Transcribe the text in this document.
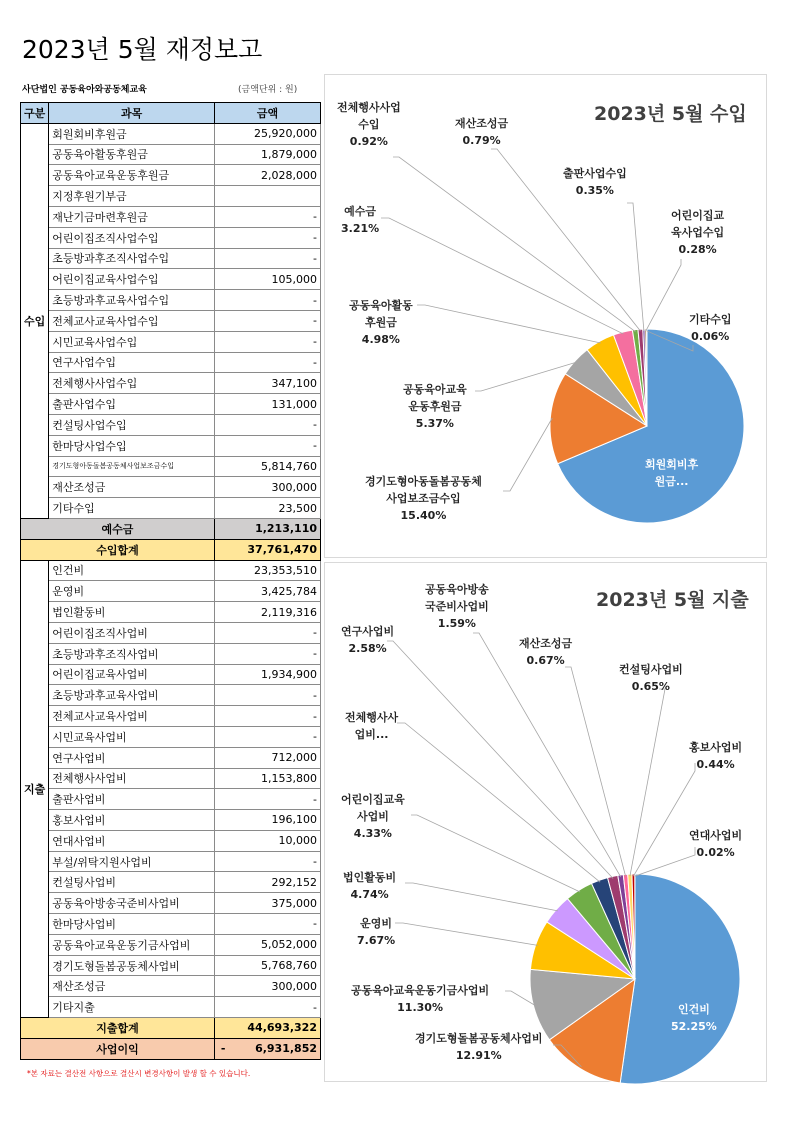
2023년 5월 재정보고
사단법인 공동육아와공동체교육	(금액단위 : 원)
구분	과목	금액
수입	회원회비후원금	25,920,000
	공동육아활동후원금	1,879,000
	공동육아교육운동후원금	2,028,000
	지정후원기부금	
	재난기금마련후원금	-
	어린이집조직사업수입	-
	초등방과후조직사업수입	-
	어린이집교육사업수입	105,000
	초등방과후교육사업수입	-
	전체교사교육사업수입	-
	시민교육사업수입	-
	연구사업수입	-
	전체행사사업수입	347,100
	출판사업수입	131,000
	컨설팅사업수입	-
	한마당사업수입	-
	경기도형아동돌봄공동체사업보조금수입	5,814,760
	재산조성금	300,000
	기타수입	23,500
예수금		1,213,110
수입합계		37,761,470
지출	인건비	23,353,510
	운영비	3,425,784
	법인활동비	2,119,316
	어린이집조직사업비	-
	초등방과후조직사업비	-
	어린이집교육사업비	1,934,900
	초등방과후교육사업비	-
	전체교사교육사업비	-
	시민교육사업비	-
	연구사업비	712,000
	전체행사사업비	1,153,800
	출판사업비	-
	홍보사업비	196,100
	연대사업비	10,000
	부설/위탁지원사업비	-
	컨설팅사업비	292,152
	공동육아방송국준비사업비	375,000
	한마당사업비	-
	공동육아교육운동기금사업비	5,052,000
	경기도형돌봄공동체사업비	5,768,760
	재산조성금	300,000
	기타지출	-
지출합계		44,693,322
사업이익		- 6,931,852
*본 자료는 결산전 사항으로 결산시 변경사항이 발생 할 수 있습니다.
2023년 5월 수입
회원회비후
원금...
경기도형아동돌봄공동체
사업보조금수입
15.40%
공동육아교육
운동후원금
5.37%
공동육아활동
후원금
4.98%
예수금
3.21%
전체행사사업
수입
0.92%
재산조성금
0.79%
출판사업수입
0.35%
어린이집교
육사업수입
0.28%
기타수입
0.06%
2023년 5월 지출
인건비
52.25%
경기도형돌봄공동체사업비
12.91%
공동육아교육운동기금사업비
11.30%
운영비
7.67%
법인활동비
4.74%
어린이집교육
사업비
4.33%
전체행사사
업비...
연구사업비
2.58%
공동육아방송
국준비사업비
1.59%
재산조성금
0.67%
컨설팅사업비
0.65%
홍보사업비
0.44%
연대사업비
0.02%
